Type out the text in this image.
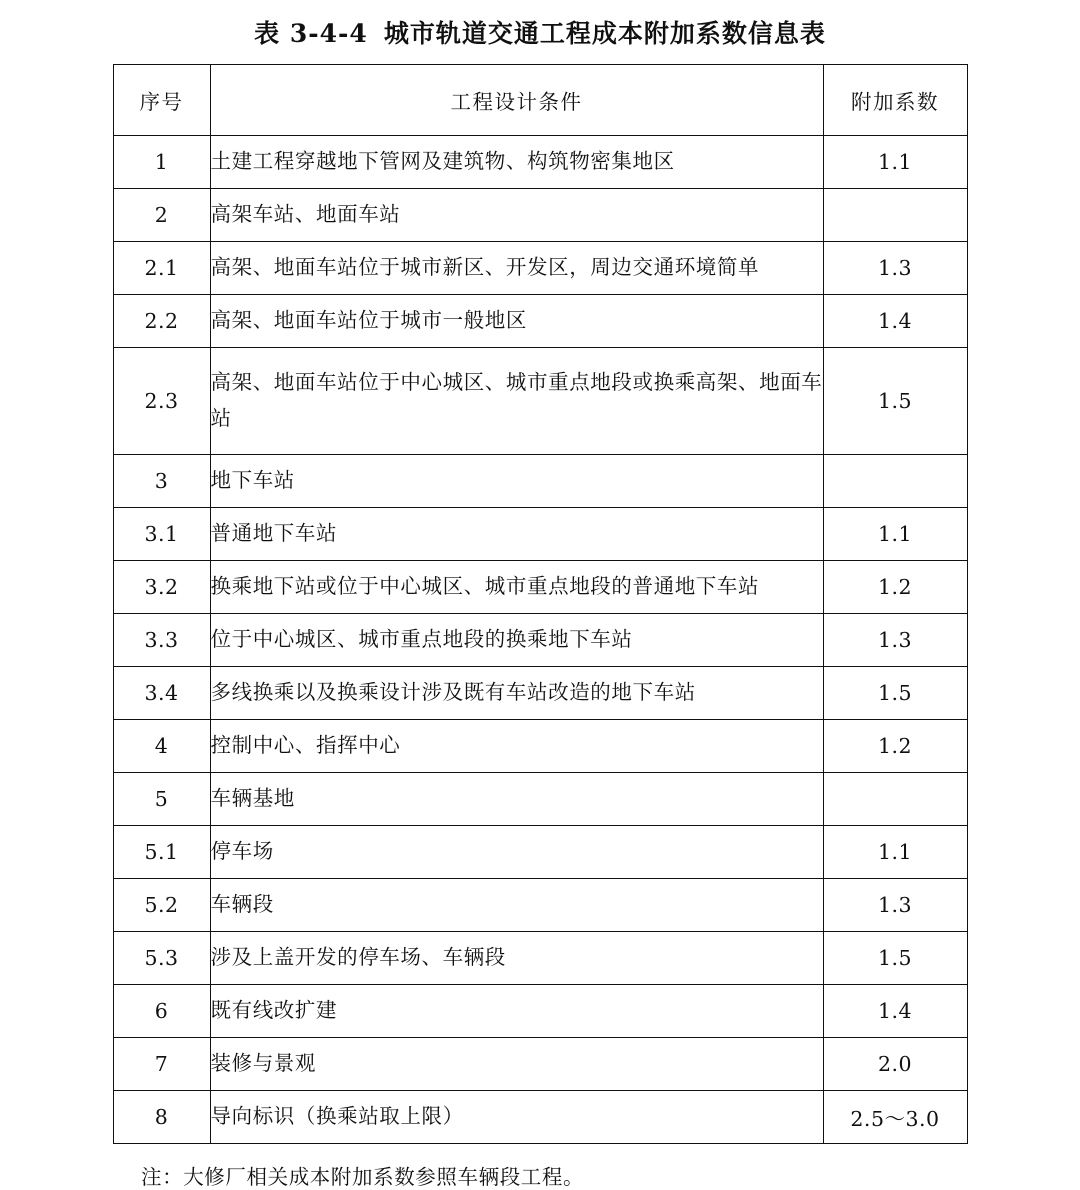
表 3-4-4 城市轨道交通工程成本附加系数信息表
序号	工程设计条件	附加系数
1	土建工程穿越地下管网及建筑物、构筑物密集地区	1.1
2	高架车站、地面车站	
2.1	高架、地面车站位于城市新区、开发区，周边交通环境简单	1.3
2.2	高架、地面车站位于城市一般地区	1.4
2.3	高架、地面车站位于中心城区、城市重点地段或换乘高架、地面车站	1.5
3	地下车站	
3.1	普通地下车站	1.1
3.2	换乘地下站或位于中心城区、城市重点地段的普通地下车站	1.2
3.3	位于中心城区、城市重点地段的换乘地下车站	1.3
3.4	多线换乘以及换乘设计涉及既有车站改造的地下车站	1.5
4	控制中心、指挥中心	1.2
5	车辆基地	
5.1	停车场	1.1
5.2	车辆段	1.3
5.3	涉及上盖开发的停车场、车辆段	1.5
6	既有线改扩建	1.4
7	装修与景观	2.0
8	导向标识（换乘站取上限）	2.5～3.0
注：大修厂相关成本附加系数参照车辆段工程。
